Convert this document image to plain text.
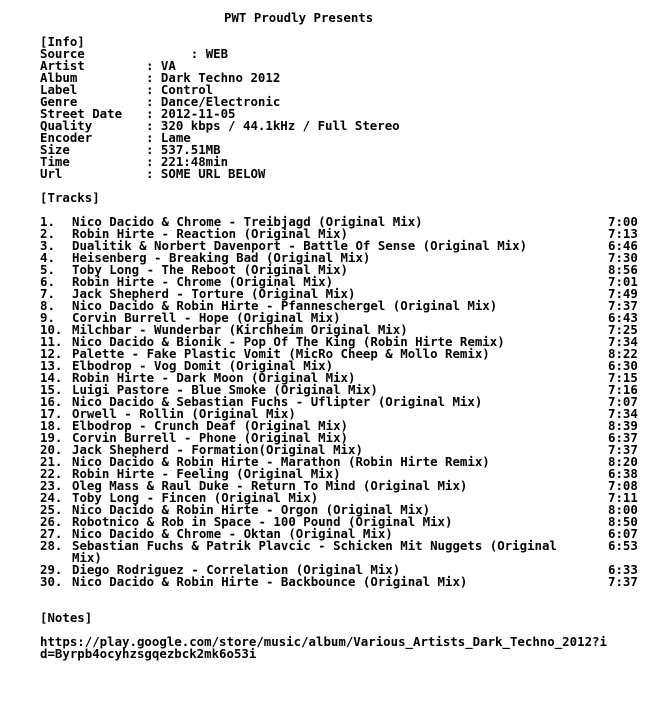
PWT Proudly Presents
[Info]
Source	: WEB
Artist	: VA
Album	: Dark Techno 2012
Label	: Control
Genre	: Dance/Electronic
Street Date : 2012-11-05
Quality	: 320 kbps / 44.1kHz / Full Stereo
Encoder	: Lame
Size	: 537.51MB
Time	: 221:48min
Url	: SOME URL BELOW
[Tracks]
1. Nico Dacido & Chrome - Treibjagd (Original Mix)	7:00
2. Robin Hirte - Reaction (Original Mix)	7:13
3. Dualitik & Norbert Davenport - Battle Of Sense (Original Mix)	6:46
4. Heisenberg - Breaking Bad (Original Mix)	7:30
5. Toby Long - The Reboot (Original Mix)	8:56
6. Robin Hirte - Chrome (Original Mix)	7:01
7. Jack Shepherd - Torture (Original Mix)	7:49
8. Nico Dacido & Robin Hirte - Pfanneschergel (Original Mix)	7:37
9. Corvin Burrell - Hope (Original Mix)	6:43
10. Milchbar - Wunderbar (Kirchheim Original Mix)	7:25
11. Nico Dacido & Bionik - Pop Of The King (Robin Hirte Remix)	7:34
12. Palette - Fake Plastic Vomit (MicRo Cheep & Mollo Remix)	8:22
13. Elbodrop - Vog Domit (Original Mix)	6:30
14. Robin Hirte - Dark Moon (Original Mix)	7:15
15. Luigi Pastore - Blue Smoke (Original Mix)	7:16
16. Nico Dacido & Sebastian Fuchs - Uflipter (Original Mix)	7:07
17. Orwell - Rollin (Original Mix)	7:34
18. Elbodrop - Crunch Deaf (Original Mix)	8:39
19. Corvin Burrell - Phone (Original Mix)	6:37
20. Jack Shepherd - Formation(Original Mix)	7:37
21. Nico Dacido & Robin Hirte - Marathon (Robin Hirte Remix)	8:20
22. Robin Hirte - Feeling (Original Mix)	6:38
23. Oleg Mass & Raul Duke - Return To Mind (Original Mix)	7:08
24. Toby Long - Fincen (Original Mix)	7:11
25. Nico Dacido & Robin Hirte - Orgon (Original Mix)	8:00
26. Robotnico & Rob in Space - 100 Pound (Original Mix)	8:50
27. Nico Dacido & Chrome - Oktan (Original Mix)	6:07
28. Sebastian Fuchs & Patrik Plavcic - Schicken Mit Nuggets (Original	6:53
Mix)
29. Diego Rodriguez - Correlation (Original Mix)	6:33
30. Nico Dacido & Robin Hirte - Backbounce (Original Mix)	7:37
[Notes]
https://play.google.com/store/music/album/Various_Artists_Dark_Techno_2012?i
d=Byrpb4ocyhzsgqezbck2mk6o53i
